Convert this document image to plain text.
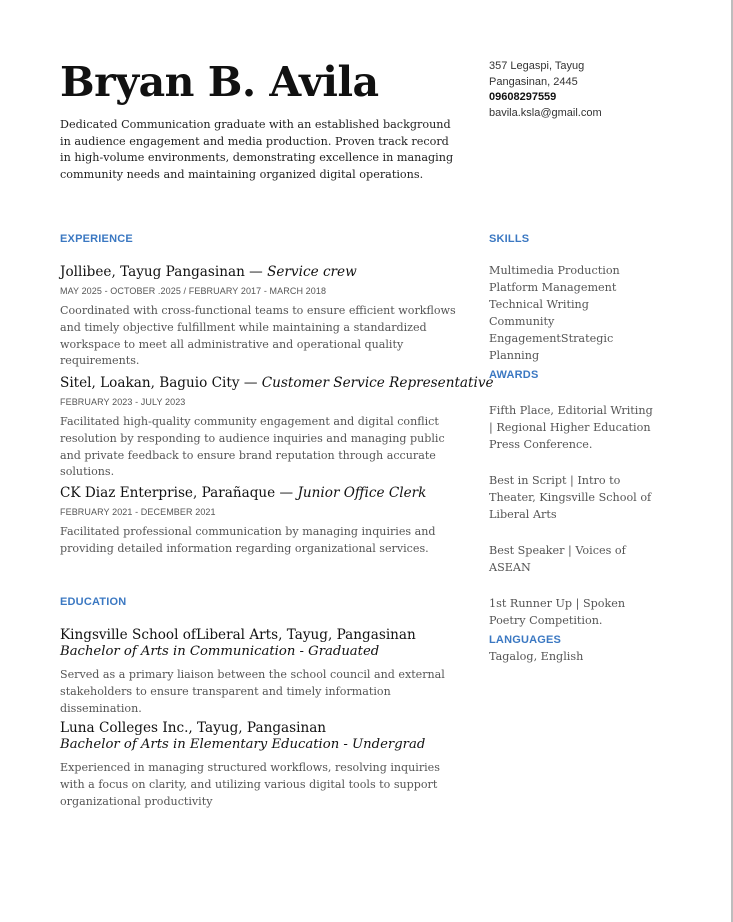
Bryan B. Avila

Dedicated Communication graduate with an established background in audience engagement and media production. Proven track record in high-volume environments, demonstrating excellence in managing community needs and maintaining organized digital operations.

357 Legaspi, Tayug
Pangasinan, 2445
09608297559
bavila.ksla@gmail.com
EXPERIENCE
Jollibee, Tayug Pangasinan — Service crew
MAY 2025 - OCTOBER .2025 / FEBRUARY 2017 - MARCH 2018
Coordinated with cross-functional teams to ensure efficient workflows and timely objective fulfillment while maintaining a standardized workspace to meet all administrative and operational quality requirements.
Sitel, Loakan, Baguio City — Customer Service Representative
FEBRUARY 2023 - JULY 2023
Facilitated high-quality community engagement and digital conflict resolution by responding to audience inquiries and managing public and private feedback to ensure brand reputation through accurate solutions.
CK Diaz Enterprise, Parañaque — Junior Office Clerk
FEBRUARY 2021 - DECEMBER 2021
Facilitated professional communication by managing inquiries and providing detailed information regarding organizational services.
EDUCATION
Kingsville School ofLiberal Arts, Tayug, Pangasinan
Bachelor of Arts in Communication - Graduated
Served as a primary liaison between the school council and external stakeholders to ensure transparent and timely information dissemination.
Luna Colleges Inc., Tayug, Pangasinan
Bachelor of Arts in Elementary Education - Undergrad
Experienced in managing structured workflows, resolving inquiries with a focus on clarity, and utilizing various digital tools to support organizational productivity
SKILLS
Multimedia Production
Platform Management
Technical Writing
Community EngagementStrategic Planning
AWARDS
Fifth Place, Editorial Writing | Regional Higher Education Press Conference.
Best in Script | Intro to Theater, Kingsville School of Liberal Arts
Best Speaker | Voices of ASEAN
1st Runner Up | Spoken Poetry Competition.
LANGUAGES
Tagalog, English
